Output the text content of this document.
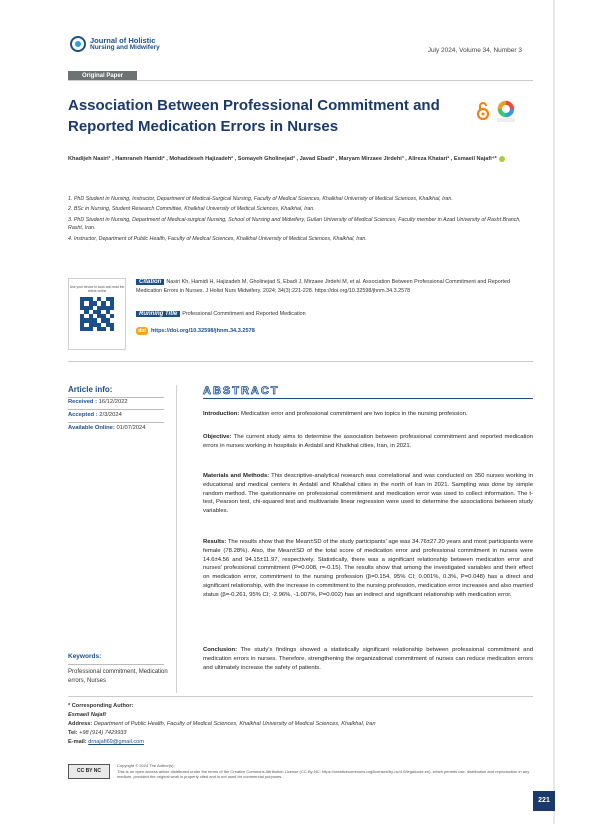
Journal of Holistic
Nursing and Midwifery	July 2024, Volume 34, Number 3
Original Paper
Association Between Professional Commitment and Reported Medication Errors in Nurses
Khadijeh Nasiri¹ , Hamraneh Hamidi² , Mohaddeseh Hajizadeh² , Somayeh Gholinejad³ , Javad Ebadi² , Maryam Mirzaee Jirdehi³ , Alireza Khatari² , Esmaeil Najafi⁴*

1. PhD Student in Nursing, Instructor, Department of Medical-Surgical Nursing, Faculty of Medical Sciences, Khalkhal University of Medical Sciences, Khalkhal, Iran.

2. BSc in Nursing, Student Research Committee, Khalkhal University of Medical Sciences, Khalkhal, Iran.

3. PhD Student in Nursing, Department of Medical-surgical Nursing, School of Nursing and Midwifery, Guilan University of Medical Sciences, Faculty member in Azad University of Rasht Branch, Rasht, Iran.

4. Instructor, Department of Public Health, Faculty of Medical Sciences, Khalkhal University of Medical Sciences, Khalkhal, Iran.

Use your device to scan and read the article online
Citation Nasiri Kh, Hamidi H, Hajizadeh M, Gholinejad S, Ebadi J, Mirzaee Jirdehi M, et al. Association Between Professional Commitment and Reported Medication Errors in Nurses. J Holist Nurs Midwifery. 2024; 34(3):221-228. https://doi.org/10.32598/jhnm.34.3.2578
Running Title Professional Commitment and Reported Medication
doi https://doi.org/10.32598/jhnm.34.3.2578
Article info:
Received : 16/12/2022
Accepted : 2/3/2024
Available Online: 01/07/2024
Keywords:
Professional commitment, Medication errors, Nurses
ABSTRACT
Introduction: Medication error and professional commitment are two topics in the nursing profession.
Objective: The current study aims to determine the association between professional commitment and reported medication errors in nurses working in hospitals in Ardabil and Khalkhal cities, Iran, in 2021.
Materials and Methods: This descriptive-analytical research was correlational and was conducted on 350 nurses working in educational and medical centers in Ardabil and Khalkhal cities in the north of Iran in 2021. Sampling was done by simple random method. The questionnaire on professional commitment and medication error was used to collect information. The t-test, Pearson test, chi-squared test and multivariate linear regression were used to determine the associations between study variables.
Results: The results show that the Mean±SD of the study participants' age was 34.76±27.20 years and most participants were female (78.28%). Also, the Mean±SD of the total score of medication error and professional commitment in nurses were 14.6±4.56 and 94.15±11.97, respectively. Statistically, there was a significant relationship between medication error and nurses' professional commitment (P=0.008, r=-0.15). The results show that among the investigated variables and their effect on medication error, commitment to the nursing profession (β=0.154, 95% CI; 0.001%, 0.3%, P=0.048) has a direct and significant relationship, with the increase in commitment to the nursing profession, medication error increases and also married status (β=-0.261, 95% CI; -2.96%, -1.007%, P=0.002) has an indirect and significant relationship with medication error.
Conclusion: The study's findings showed a statistically significant relationship between professional commitment and medication errors in nurses. Therefore, strengthening the organizational commitment of nurses can reduce medication errors and ultimately increase the safety of patients.
* Corresponding Author:
Esmaeil Najafi
Address: Department of Public Health, Faculty of Medical Sciences, Khalkhal University of Medical Sciences, Khalkhal, Iran
Tel: +98 (914) 7429933
E-mail: drnajafi69@gmail.com
CC BY NC
Copyright © 2024 The Author(s);
This is an open access article distributed under the terms of the Creative Commons Attribution License (CC-By-NC: https://creativecommons.org/licenses/by-nc/4.0/legalcode.en), which permits use, distribution and reproduction in any medium, provided the original work is properly cited and is not used for commercial purposes.
221
